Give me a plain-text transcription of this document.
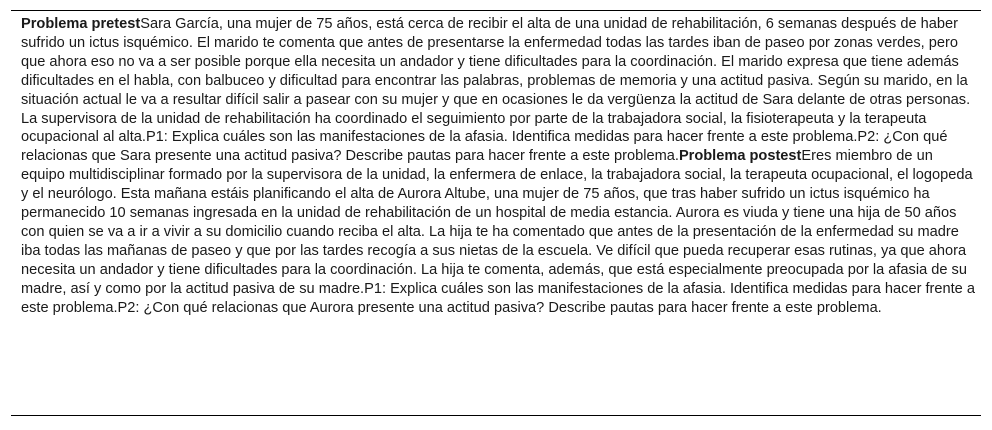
Problema pretestSara García, una mujer de 75 años, está cerca de recibir el alta de una unidad de rehabilitación, 6 semanas después de haber sufrido un ictus isquémico. El marido te comenta que antes de presentarse la enfermedad todas las tardes iban de paseo por zonas verdes, pero que ahora eso no va a ser posible porque ella necesita un andador y tiene dificultades para la coordinación. El marido expresa que tiene además dificultades en el habla, con balbuceo y dificultad para encontrar las palabras, problemas de memoria y una actitud pasiva. Según su marido, en la situación actual le va a resultar difícil salir a pasear con su mujer y que en ocasiones le da vergüenza la actitud de Sara delante de otras personas. La supervisora de la unidad de rehabilitación ha coordinado el seguimiento por parte de la trabajadora social, la fisioterapeuta y la terapeuta ocupacional al alta.P1: Explica cuáles son las manifestaciones de la afasia. Identifica medidas para hacer frente a este problema.P2: ¿Con qué relacionas que Sara presente una actitud pasiva? Describe pautas para hacer frente a este problema.Problema postestEres miembro de un equipo multidisciplinar formado por la supervisora de la unidad, la enfermera de enlace, la trabajadora social, la terapeuta ocupacional, el logopeda y el neurólogo. Esta mañana estáis planificando el alta de Aurora Altube, una mujer de 75 años, que tras haber sufrido un ictus isquémico ha permanecido 10 semanas ingresada en la unidad de rehabilitación de un hospital de media estancia. Aurora es viuda y tiene una hija de 50 años con quien se va a ir a vivir a su domicilio cuando reciba el alta. La hija te ha comentado que antes de la presentación de la enfermedad su madre iba todas las mañanas de paseo y que por las tardes recogía a sus nietas de la escuela. Ve difícil que pueda recuperar esas rutinas, ya que ahora necesita un andador y tiene dificultades para la coordinación. La hija te comenta, además, que está especialmente preocupada por la afasia de su madre, así y como por la actitud pasiva de su madre.P1: Explica cuáles son las manifestaciones de la afasia. Identifica medidas para hacer frente a este problema.P2: ¿Con qué relacionas que Aurora presente una actitud pasiva? Describe pautas para hacer frente a este problema.
